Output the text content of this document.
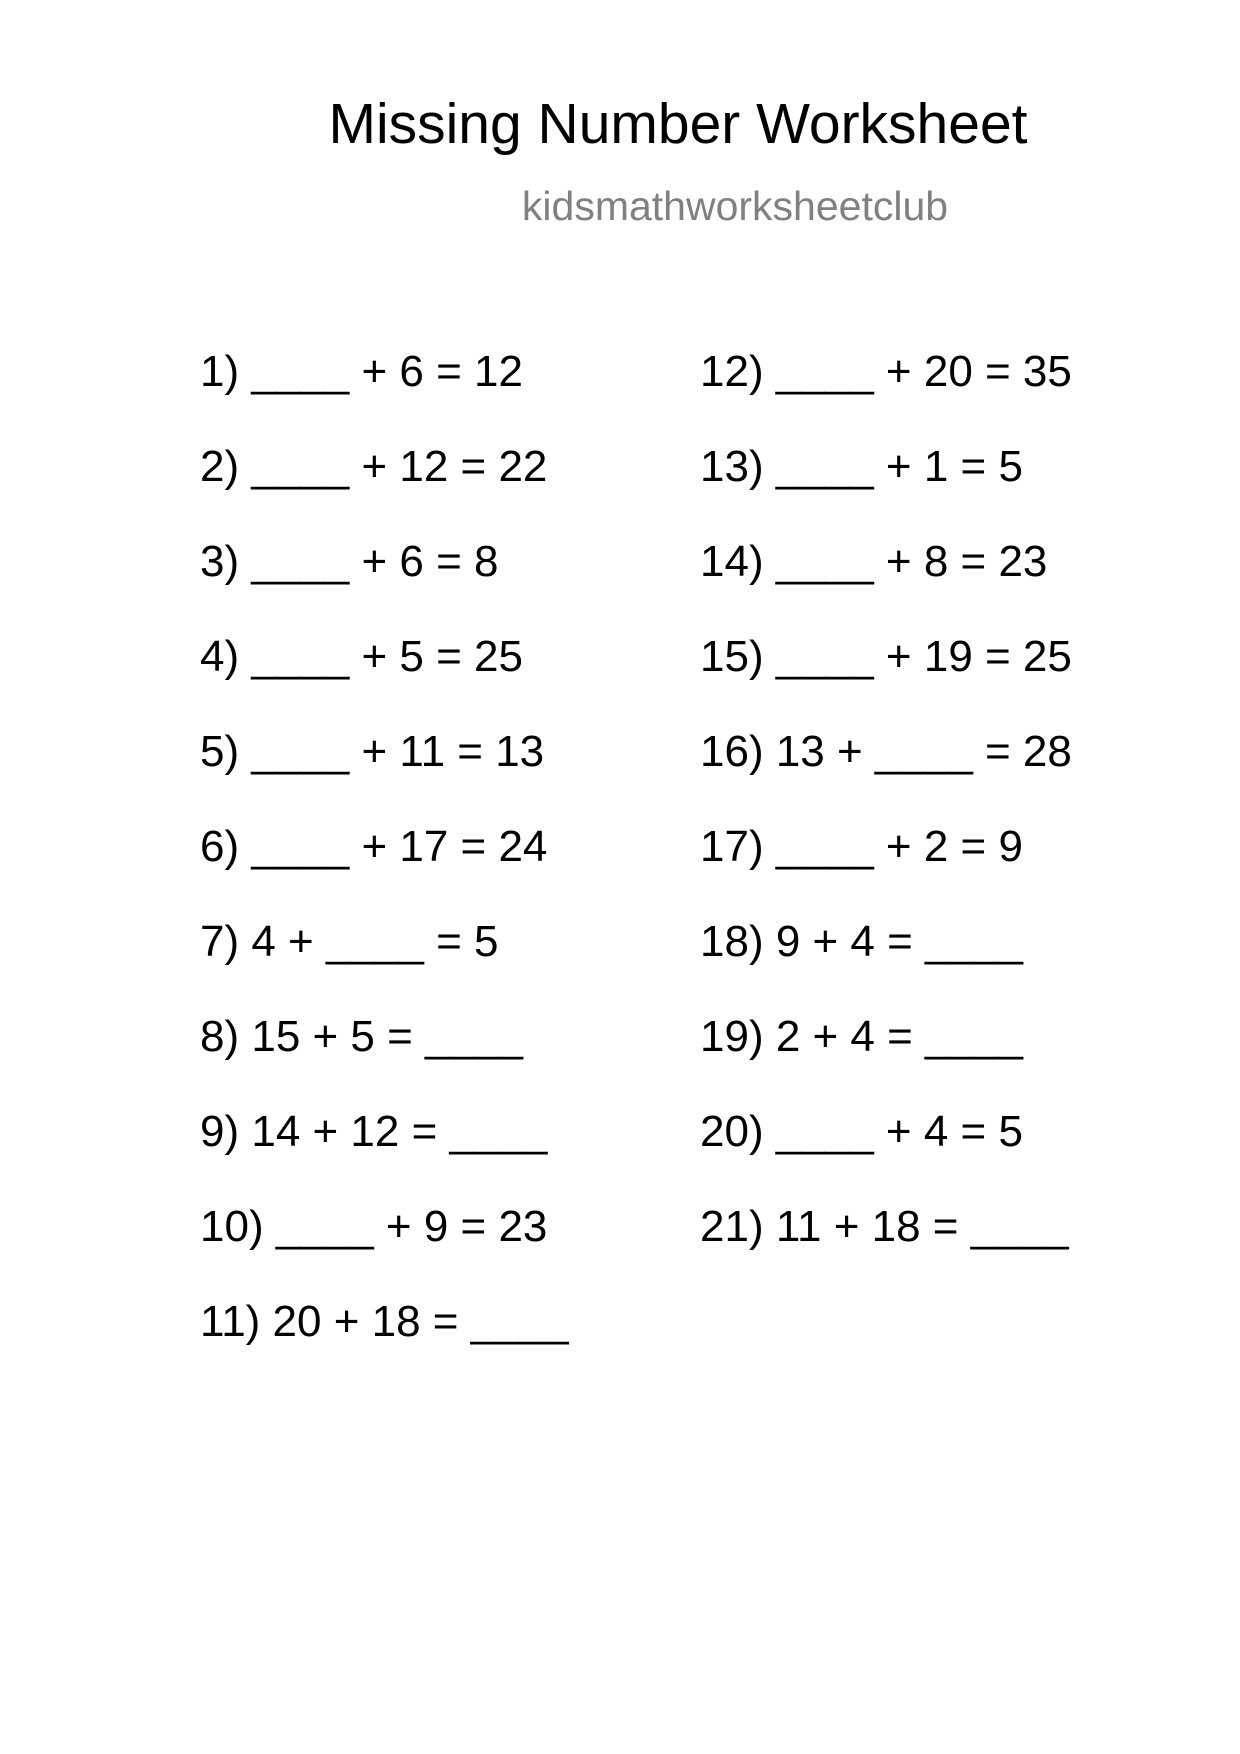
Missing Number Worksheet
kidsmathworksheetclub
1) ____ + 6 = 12
2) ____ + 12 = 22
3) ____ + 6 = 8
4) ____ + 5 = 25
5) ____ + 11 = 13
6) ____ + 17 = 24
7) 4 + ____ = 5
8) 15 + 5 = ____
9) 14 + 12 = ____
10) ____ + 9 = 23
11) 20 + 18 = ____
12) ____ + 20 = 35
13) ____ + 1 = 5
14) ____ + 8 = 23
15) ____ + 19 = 25
16) 13 + ____ = 28
17) ____ + 2 = 9
18) 9 + 4 = ____
19) 2 + 4 = ____
20) ____ + 4 = 5
21) 11 + 18 = ____
